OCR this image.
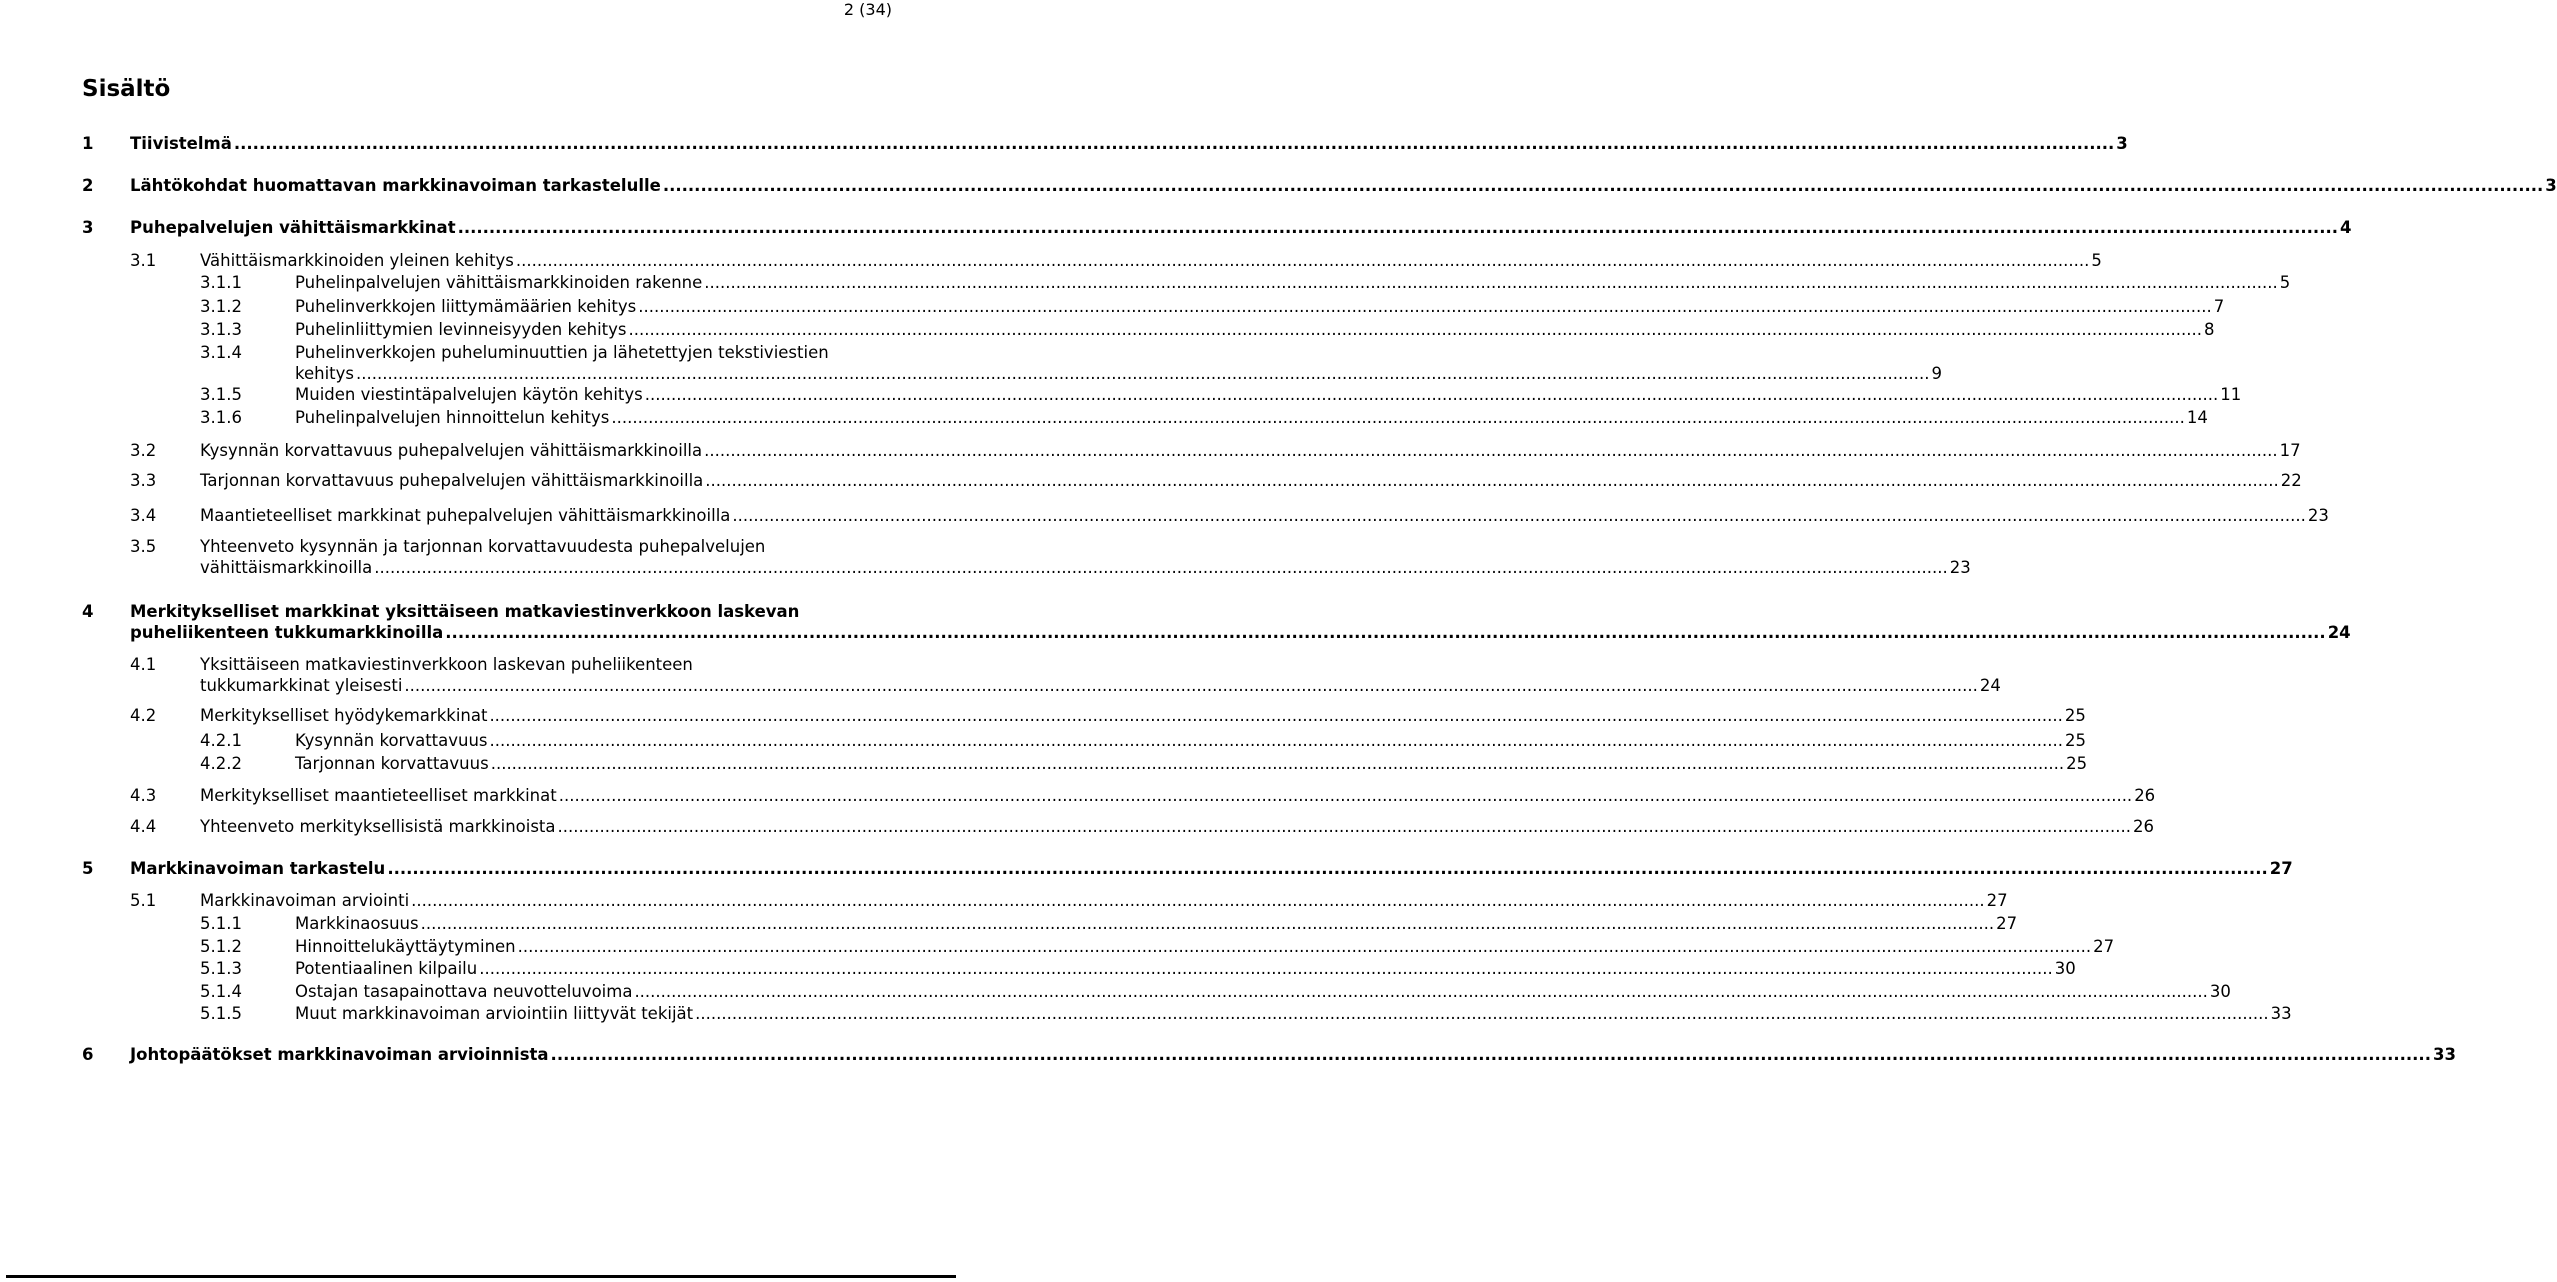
2 (34)
Sisältö
1 Tiivistelmä ............................................................................................................................................................................................................................................................................................................ 3
2 Lähtökohdat huomattavan markkinavoiman tarkastelulle ............................................................................................................................................................................................................................................................................................................ 3
3 Puhepalvelujen vähittäismarkkinat ............................................................................................................................................................................................................................................................................................................ 4
3.1	Vähittäismarkkinoiden yleinen kehitys ............................................................................................................................................................................................................................................................................................................ 5
3.1.1	Puhelinpalvelujen vähittäismarkkinoiden rakenne ............................................................................................................................................................................................................................................................................................................ 5
3.1.2	Puhelinverkkojen liittymämäärien kehitys ............................................................................................................................................................................................................................................................................................................ 7
3.1.3	Puhelinliittymien levinneisyyden kehitys ............................................................................................................................................................................................................................................................................................................ 8
3.1.4	Puhelinverkkojen puheluminuuttien ja lähetettyjen tekstiviestien
kehitys ............................................................................................................................................................................................................................................................................................................ 9
3.1.5	Muiden viestintäpalvelujen käytön kehitys ............................................................................................................................................................................................................................................................................................................ 11
3.1.6	Puhelinpalvelujen hinnoittelun kehitys ............................................................................................................................................................................................................................................................................................................ 14
3.2	Kysynnän korvattavuus puhepalvelujen vähittäismarkkinoilla ............................................................................................................................................................................................................................................................................................................ 17
3.3	Tarjonnan korvattavuus puhepalvelujen vähittäismarkkinoilla ............................................................................................................................................................................................................................................................................................................ 22
3.4	Maantieteelliset markkinat puhepalvelujen vähittäismarkkinoilla ............................................................................................................................................................................................................................................................................................................ 23
3.5	Yhteenveto kysynnän ja tarjonnan korvattavuudesta puhepalvelujen
vähittäismarkkinoilla ............................................................................................................................................................................................................................................................................................................ 23
4 Merkitykselliset markkinat yksittäiseen matkaviestinverkkoon laskevan
puheliikenteen tukkumarkkinoilla ............................................................................................................................................................................................................................................................................................................ 24
4.1	Yksittäiseen matkaviestinverkkoon laskevan puheliikenteen
tukkumarkkinat yleisesti ............................................................................................................................................................................................................................................................................................................ 24
4.2	Merkitykselliset hyödykemarkkinat ............................................................................................................................................................................................................................................................................................................ 25
4.2.1	Kysynnän korvattavuus ............................................................................................................................................................................................................................................................................................................ 25
4.2.2	Tarjonnan korvattavuus ............................................................................................................................................................................................................................................................................................................ 25
4.3	Merkitykselliset maantieteelliset markkinat ............................................................................................................................................................................................................................................................................................................ 26
4.4	Yhteenveto merkityksellisistä markkinoista ............................................................................................................................................................................................................................................................................................................ 26
5 Markkinavoiman tarkastelu ............................................................................................................................................................................................................................................................................................................ 27
5.1	Markkinavoiman arviointi ............................................................................................................................................................................................................................................................................................................ 27
5.1.1	Markkinaosuus ............................................................................................................................................................................................................................................................................................................ 27
5.1.2	Hinnoittelukäyttäytyminen ............................................................................................................................................................................................................................................................................................................ 27
5.1.3	Potentiaalinen kilpailu ............................................................................................................................................................................................................................................................................................................ 30
5.1.4	Ostajan tasapainottava neuvotteluvoima ............................................................................................................................................................................................................................................................................................................ 30
5.1.5	Muut markkinavoiman arviointiin liittyvät tekijät ............................................................................................................................................................................................................................................................................................................ 33
6 Johtopäätökset markkinavoiman arvioinnista ............................................................................................................................................................................................................................................................................................................ 33
